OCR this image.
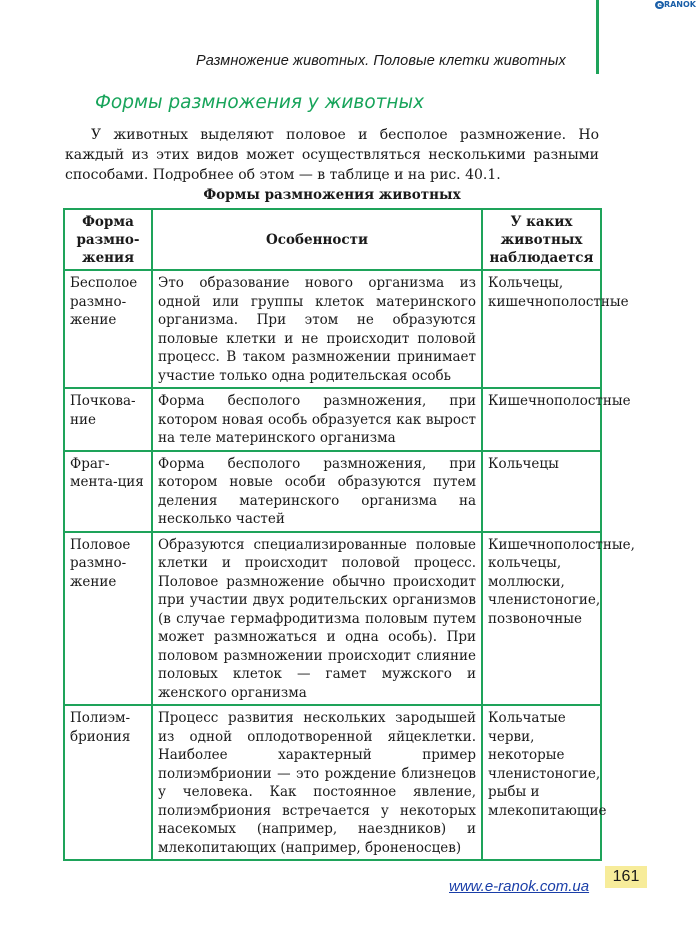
e RANOK
Размножение животных. Половые клетки животных
Формы размножения у животных

У животных выделяют половое и бесполое размножение. Но каждый из этих видов может осуществляться несколькими разными способами. Подробнее об этом — в таблице и на рис. 40.1.

Формы размножения животных
Форма размно-жения	Особенности	У каких животных наблюдается
Бесполое размно-жение	Это образование нового организма из одной или группы клеток материнского организма. При этом не образуются половые клетки и не происходит половой процесс. В таком размножении принимает участие только одна родительская особь	Кольчецы, кишечнополостные
Почкова-ние	Форма бесполого размножения, при котором новая особь образуется как вырост на теле материнского организма	Кишечнополостные
Фраг-мента-ция	Форма бесполого размножения, при котором новые особи образуются путем деления материнского организма на несколько частей	Кольчецы
Половое размно-жение	Образуются специализированные половые клетки и происходит половой процесс. Половое размножение обычно происходит при участии двух родительских организмов (в случае гермафродитизма половым путем может размножаться и одна особь). При половом размножении происходит слияние половых клеток — гамет мужского и женского организма	Кишечнополостные, кольчецы, моллюски, членистоногие, позвоночные
Полиэм-бриония	Процесс развития нескольких зародышей из одной оплодотворенной яйцеклетки. Наиболее характерный пример полиэмбрионии — это рождение близнецов у человека. Как постоянное явление, полиэмбриония встречается у некоторых насекомых (например, наездников) и млекопитающих (например, броненосцев)	Кольчатые черви, некоторые членистоногие, рыбы и млекопитающие
www.e-ranok.com.ua
161
